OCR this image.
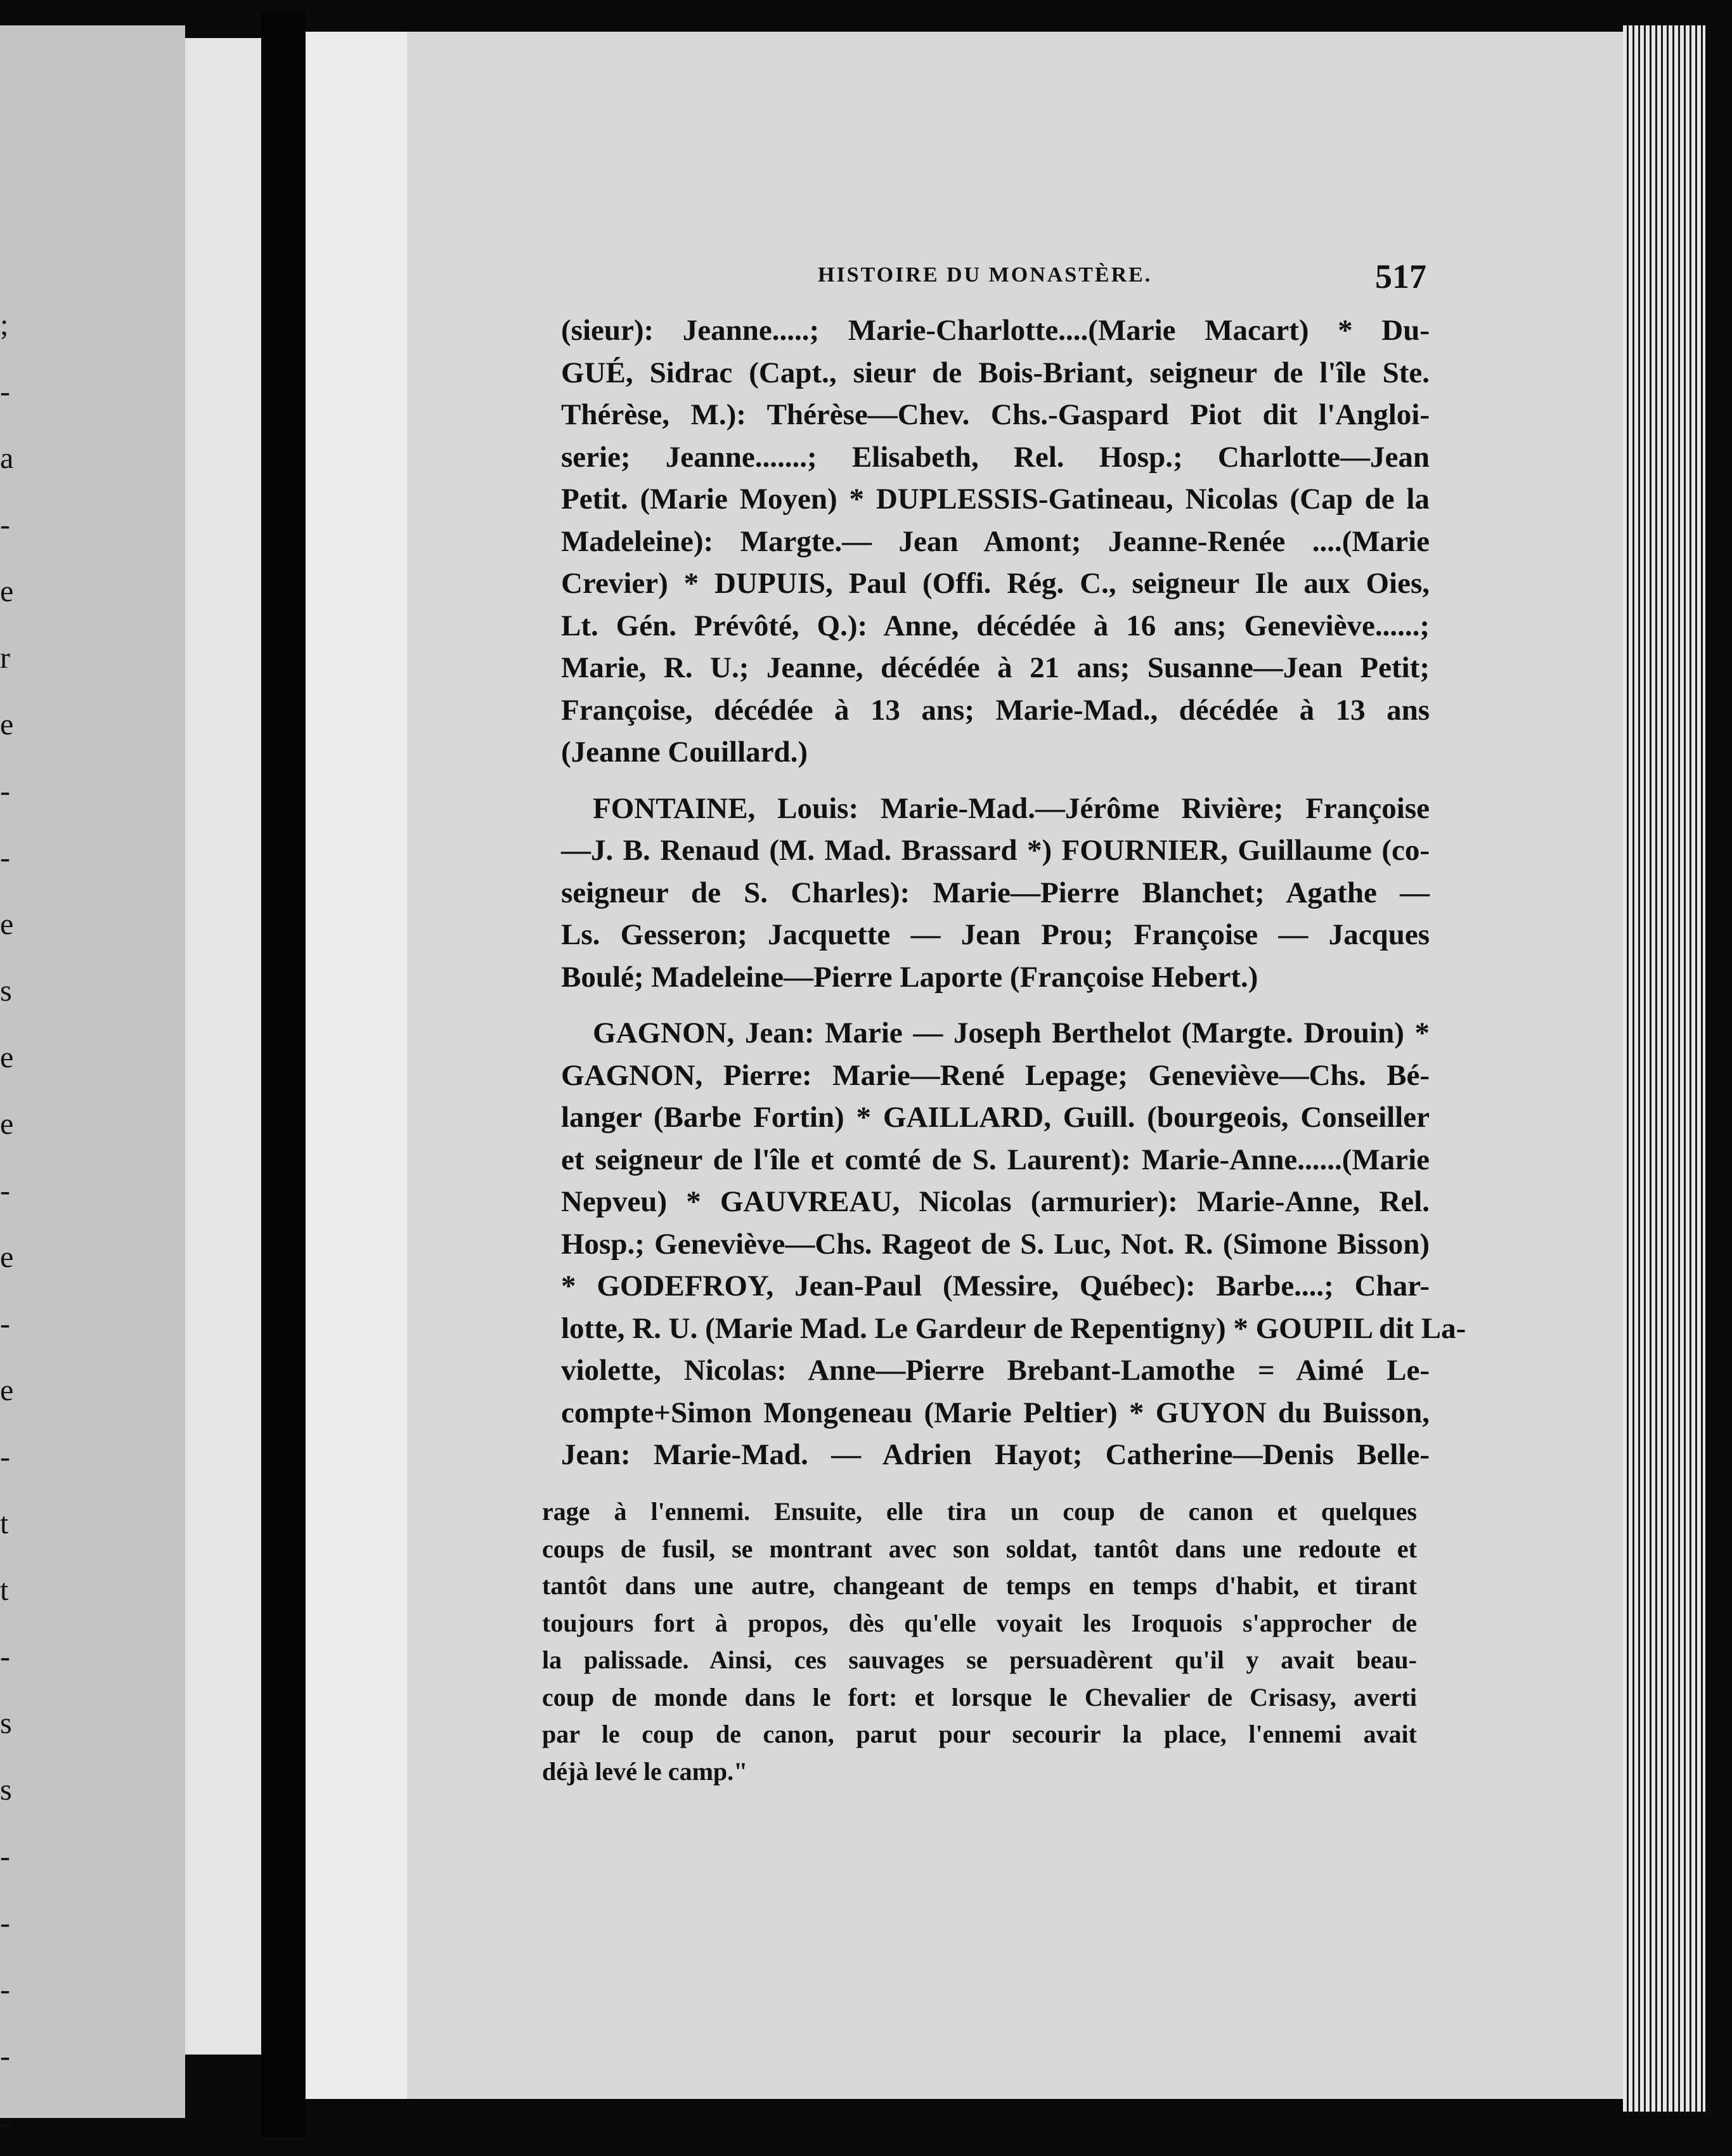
;
-
a
-
e
r
e
-
-
e
s
e
e
-
e
-
e
-
t
t
-
s
s
-
-
-
-
-
HISTOIRE DU MONASTÈRE.	517
(sieur): Jeanne.....; Marie-Charlotte....(Marie Macart) * Du-
GUÉ, Sidrac (Capt., sieur de Bois-Briant, seigneur de l'île Ste.
Thérèse, M.): Thérèse—Chev. Chs.-Gaspard Piot dit l'Angloi-
serie; Jeanne.......; Elisabeth, Rel. Hosp.; Charlotte—Jean
Petit. (Marie Moyen) * DUPLESSIS-Gatineau, Nicolas (Cap de la
Madeleine): Margte.— Jean Amont; Jeanne-Renée ....(Marie
Crevier) * DUPUIS, Paul (Offi. Rég. C., seigneur Ile aux Oies,
Lt. Gén. Prévôté, Q.): Anne, décédée à 16 ans; Geneviève......;
Marie, R. U.; Jeanne, décédée à 21 ans; Susanne—Jean Petit;
Françoise, décédée à 13 ans; Marie-Mad., décédée à 13 ans
(Jeanne Couillard.)
FONTAINE, Louis: Marie-Mad.—Jérôme Rivière; Françoise
—J. B. Renaud (M. Mad. Brassard *) FOURNIER, Guillaume (co-
seigneur de S. Charles): Marie—Pierre Blanchet; Agathe —
Ls. Gesseron; Jacquette — Jean Prou; Françoise — Jacques
Boulé; Madeleine—Pierre Laporte (Françoise Hebert.)
GAGNON, Jean: Marie — Joseph Berthelot (Margte. Drouin) *
GAGNON, Pierre: Marie—René Lepage; Geneviève—Chs. Bé-
langer (Barbe Fortin) * GAILLARD, Guill. (bourgeois, Conseiller
et seigneur de l'île et comté de S. Laurent): Marie-Anne......(Marie
Nepveu) * GAUVREAU, Nicolas (armurier): Marie-Anne, Rel.
Hosp.; Geneviève—Chs. Rageot de S. Luc, Not. R. (Simone Bisson)
* GODEFROY, Jean-Paul (Messire, Québec): Barbe....; Char-
lotte, R. U. (Marie Mad. Le Gardeur de Repentigny) * GOUPIL dit La-
violette, Nicolas: Anne—Pierre Brebant-Lamothe = Aimé Le-
compte+Simon Mongeneau (Marie Peltier) * GUYON du Buisson,
Jean: Marie-Mad. — Adrien Hayot; Catherine—Denis Belle-
rage à l'ennemi. Ensuite, elle tira un coup de canon et quelques
coups de fusil, se montrant avec son soldat, tantôt dans une redoute et
tantôt dans une autre, changeant de temps en temps d'habit, et tirant
toujours fort à propos, dès qu'elle voyait les Iroquois s'approcher de
la palissade. Ainsi, ces sauvages se persuadèrent qu'il y avait beau-
coup de monde dans le fort: et lorsque le Chevalier de Crisasy, averti
par le coup de canon, parut pour secourir la place, l'ennemi avait
déjà levé le camp."
